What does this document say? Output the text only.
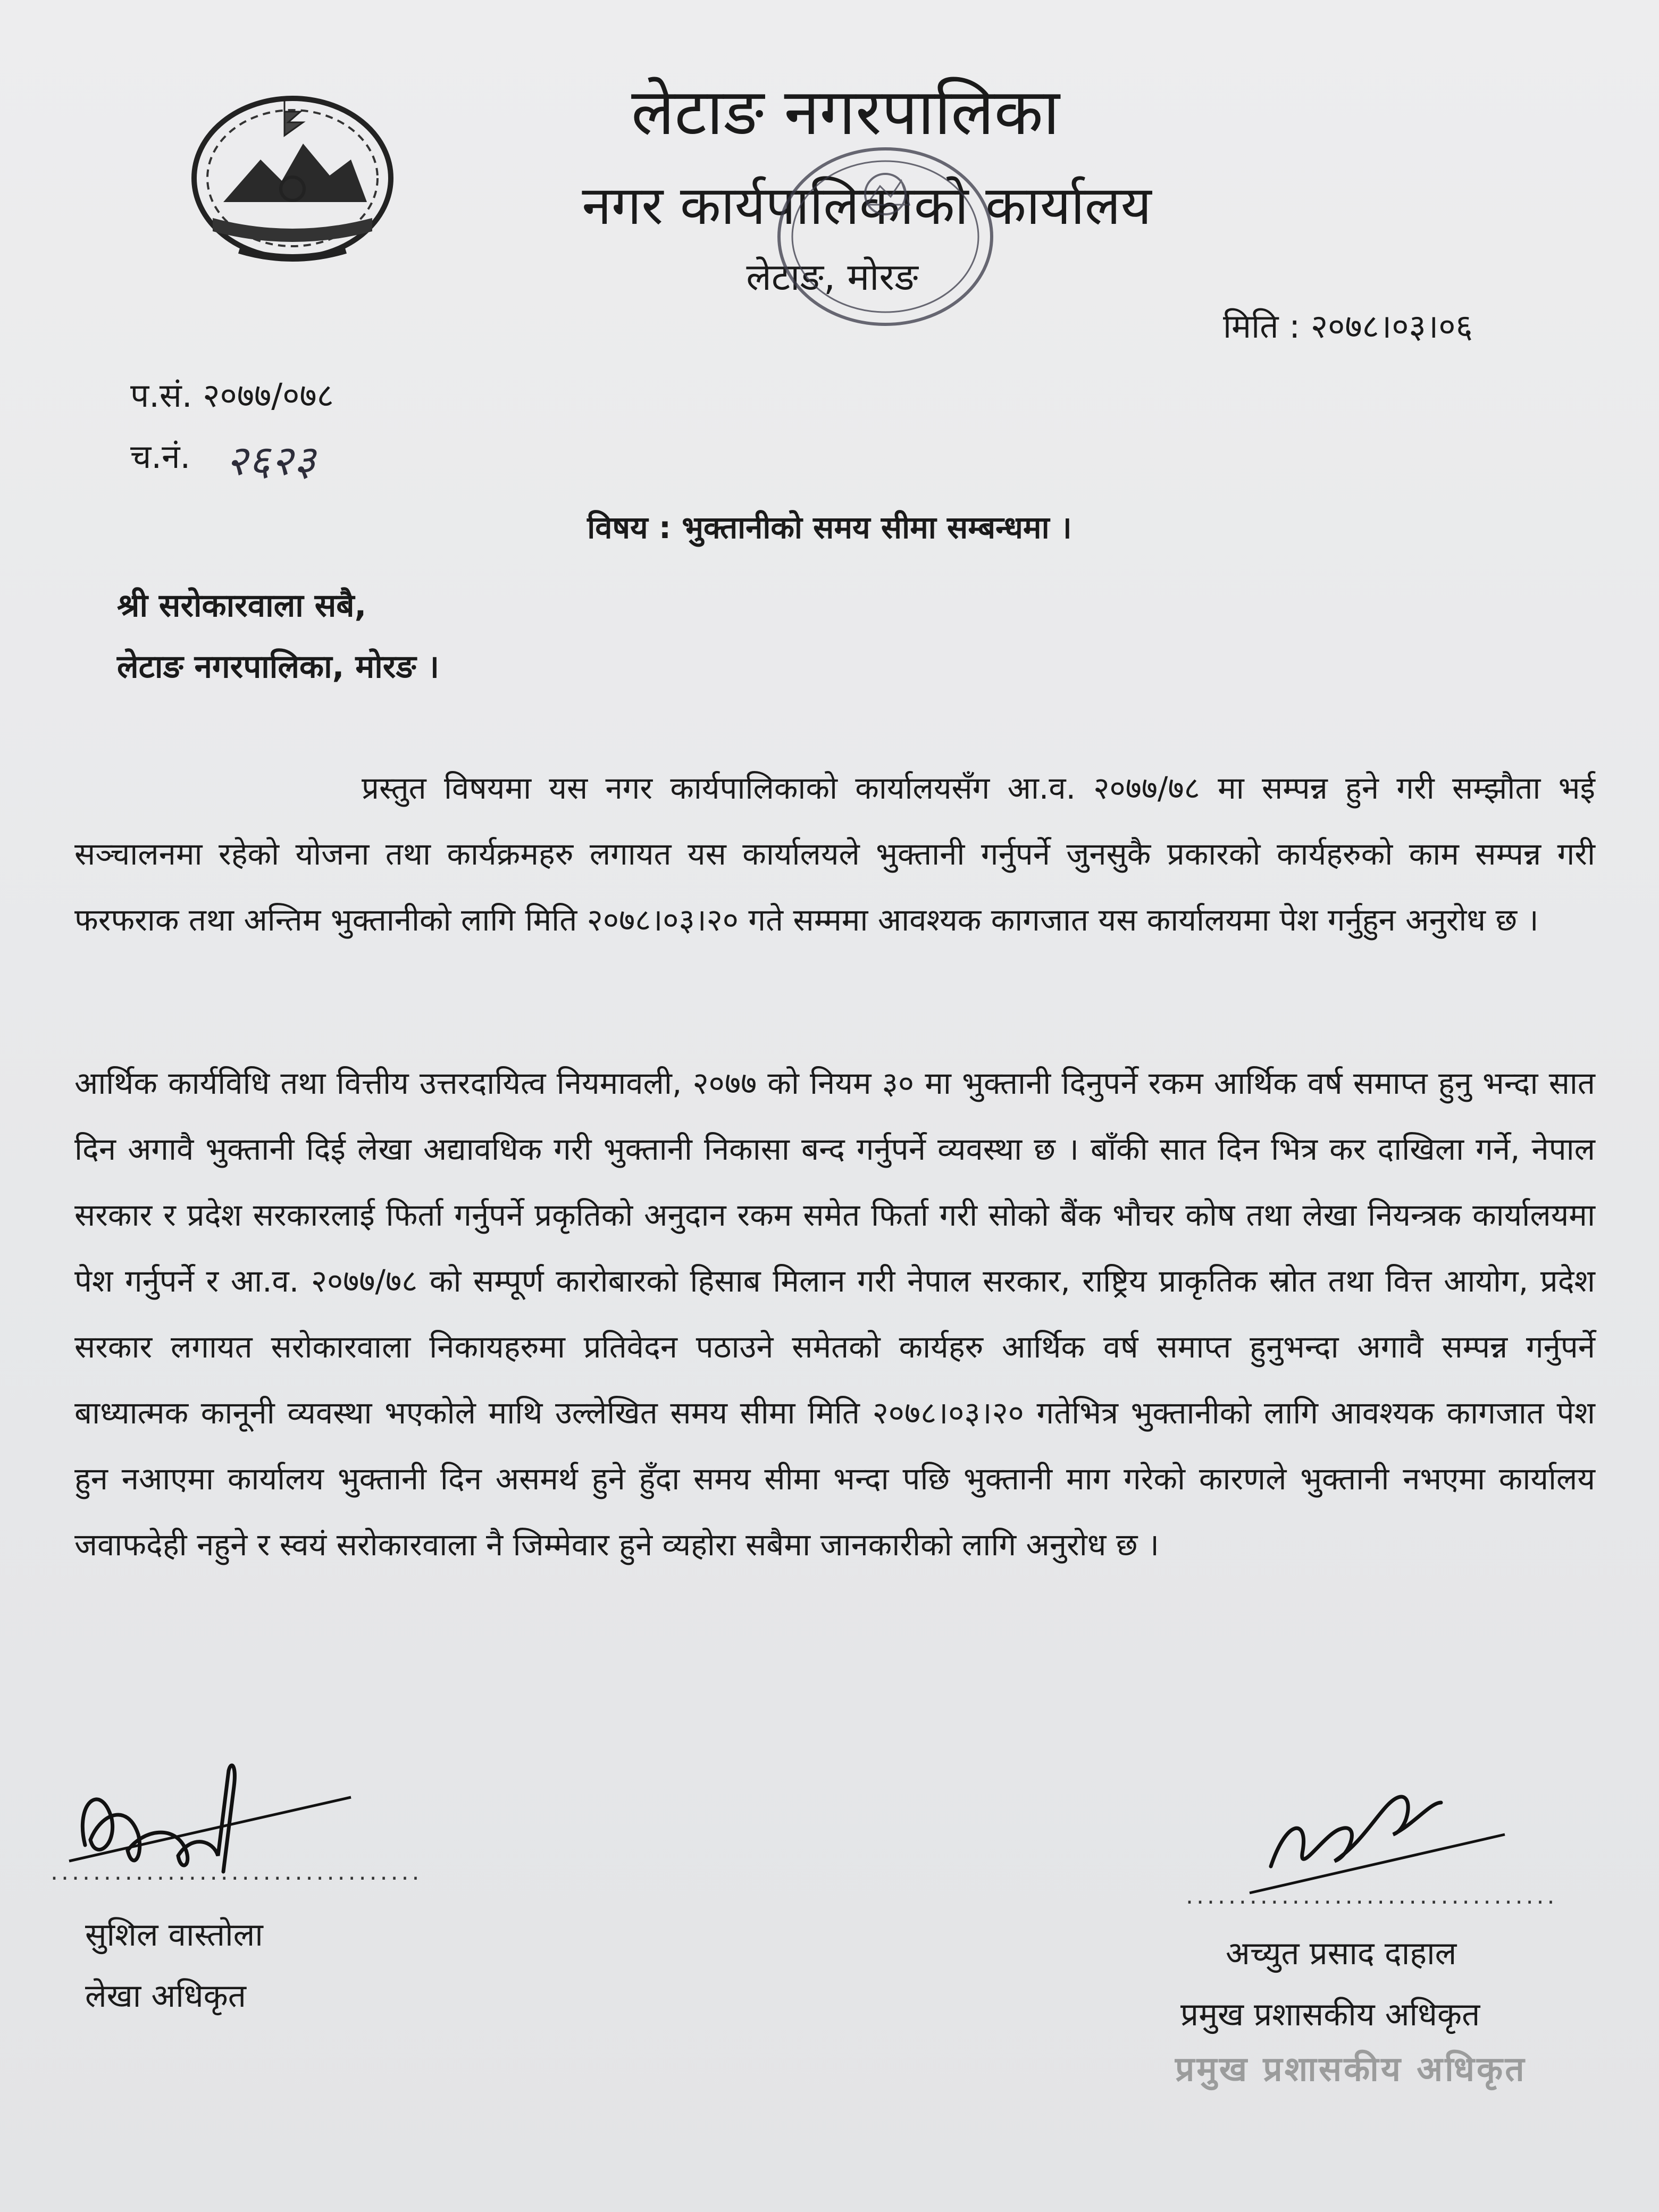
लेटाङ नगरपालिका
नगर कार्यपालिकाको कार्यालय
लेटाङ, मोरङ
मिति : २०७८।०३।०६
प.सं. २०७७/०७८
च.नं. २६२३
विषय : भुक्तानीको समय सीमा सम्बन्धमा ।
श्री सरोकारवाला सबै,
लेटाङ नगरपालिका, मोरङ ।
प्रस्तुत विषयमा यस नगर कार्यपालिकाको कार्यालयसँग आ.व. २०७७/७८ मा सम्पन्न हुने गरी सम्झौता भई सञ्चालनमा रहेको योजना तथा कार्यक्रमहरु लगायत यस कार्यालयले भुक्तानी गर्नुपर्ने जुनसुकै प्रकारको कार्यहरुको काम सम्पन्न गरी फरफराक तथा अन्तिम भुक्तानीको लागि मिति २०७८।०३।२० गते सम्ममा आवश्यक कागजात यस कार्यालयमा पेश गर्नुहुन अनुरोध छ ।
आर्थिक कार्यविधि तथा वित्तीय उत्तरदायित्व नियमावली, २०७७ को नियम ३० मा भुक्तानी दिनुपर्ने रकम आर्थिक वर्ष समाप्त हुनु भन्दा सात दिन अगावै भुक्तानी दिई लेखा अद्यावधिक गरी भुक्तानी निकासा बन्द गर्नुपर्ने व्यवस्था छ । बाँकी सात दिन भित्र कर दाखिला गर्ने, नेपाल सरकार र प्रदेश सरकारलाई फिर्ता गर्नुपर्ने प्रकृतिको अनुदान रकम समेत फिर्ता गरी सोको बैंक भौचर कोष तथा लेखा नियन्त्रक कार्यालयमा पेश गर्नुपर्ने र आ.व. २०७७/७८ को सम्पूर्ण कारोबारको हिसाब मिलान गरी नेपाल सरकार, राष्ट्रिय प्राकृतिक स्रोत तथा वित्त आयोग, प्रदेश सरकार लगायत सरोकारवाला निकायहरुमा प्रतिवेदन पठाउने समेतको कार्यहरु आर्थिक वर्ष समाप्त हुनुभन्दा अगावै सम्पन्न गर्नुपर्ने बाध्यात्मक कानूनी व्यवस्था भएकोले माथि उल्लेखित समय सीमा मिति २०७८।०३।२० गतेभित्र भुक्तानीको लागि आवश्यक कागजात पेश हुन नआएमा कार्यालय भुक्तानी दिन असमर्थ हुने हुँदा समय सीमा भन्दा पछि भुक्तानी माग गरेको कारणले भुक्तानी नभएमा कार्यालय जवाफदेही नहुने र स्वयं सरोकारवाला नै जिम्मेवार हुने व्यहोरा सबैमा जानकारीको लागि अनुरोध छ ।
...................................
सुशिल वास्तोला
लेखा अधिकृत
...................................
अच्युत प्रसाद दाहाल
प्रमुख प्रशासकीय अधिकृत
प्रमुख प्रशासकीय अधिकृत
